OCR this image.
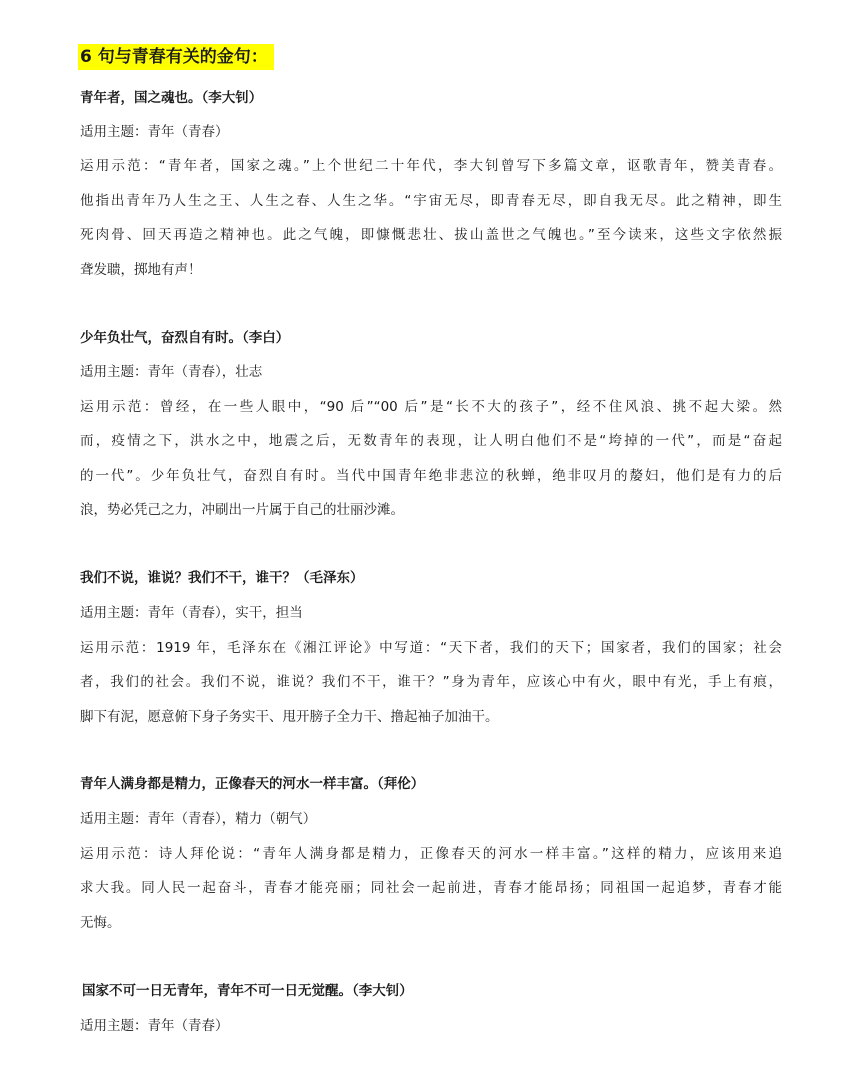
6 句与青春有关的金句：
青年者，国之魂也。（李大钊）
适用主题：青年（青春）
运用示范：“青年者，国家之魂。”上个世纪二十年代，李大钊曾写下多篇文章，讴歌青年，赞美青春。
他指出青年乃人生之王、人生之春、人生之华。“宇宙无尽，即青春无尽，即自我无尽。此之精神，即生
死肉骨、回天再造之精神也。此之气魄，即慷慨悲壮、拔山盖世之气魄也。”至今读来，这些文字依然振
聋发聩，掷地有声！
少年负壮气，奋烈自有时。（李白）
适用主题：青年（青春），壮志
运用示范：曾经，在一些人眼中，“90 后”“00 后”是“长不大的孩子”，经不住风浪、挑不起大梁。然
而，疫情之下，洪水之中，地震之后，无数青年的表现，让人明白他们不是“垮掉的一代”，而是“奋起
的一代”。少年负壮气，奋烈自有时。当代中国青年绝非悲泣的秋蝉，绝非叹月的嫠妇，他们是有力的后
浪，势必凭己之力，冲刷出一片属于自己的壮丽沙滩。
我们不说，谁说？我们不干，谁干？（毛泽东）
适用主题：青年（青春），实干，担当
运用示范：1919 年，毛泽东在《湘江评论》中写道：“天下者，我们的天下；国家者，我们的国家；社会
者，我们的社会。我们不说，谁说？我们不干，谁干？”身为青年，应该心中有火，眼中有光，手上有痕，
脚下有泥，愿意俯下身子务实干、甩开膀子全力干、撸起袖子加油干。
青年人满身都是精力，正像春天的河水一样丰富。（拜伦）
适用主题：青年（青春），精力（朝气）
运用示范：诗人拜伦说：“青年人满身都是精力，正像春天的河水一样丰富。”这样的精力，应该用来追
求大我。同人民一起奋斗，青春才能亮丽；同社会一起前进，青春才能昂扬；同祖国一起追梦，青春才能
无悔。
国家不可一日无青年，青年不可一日无觉醒。（李大钊）
适用主题：青年（青春）
